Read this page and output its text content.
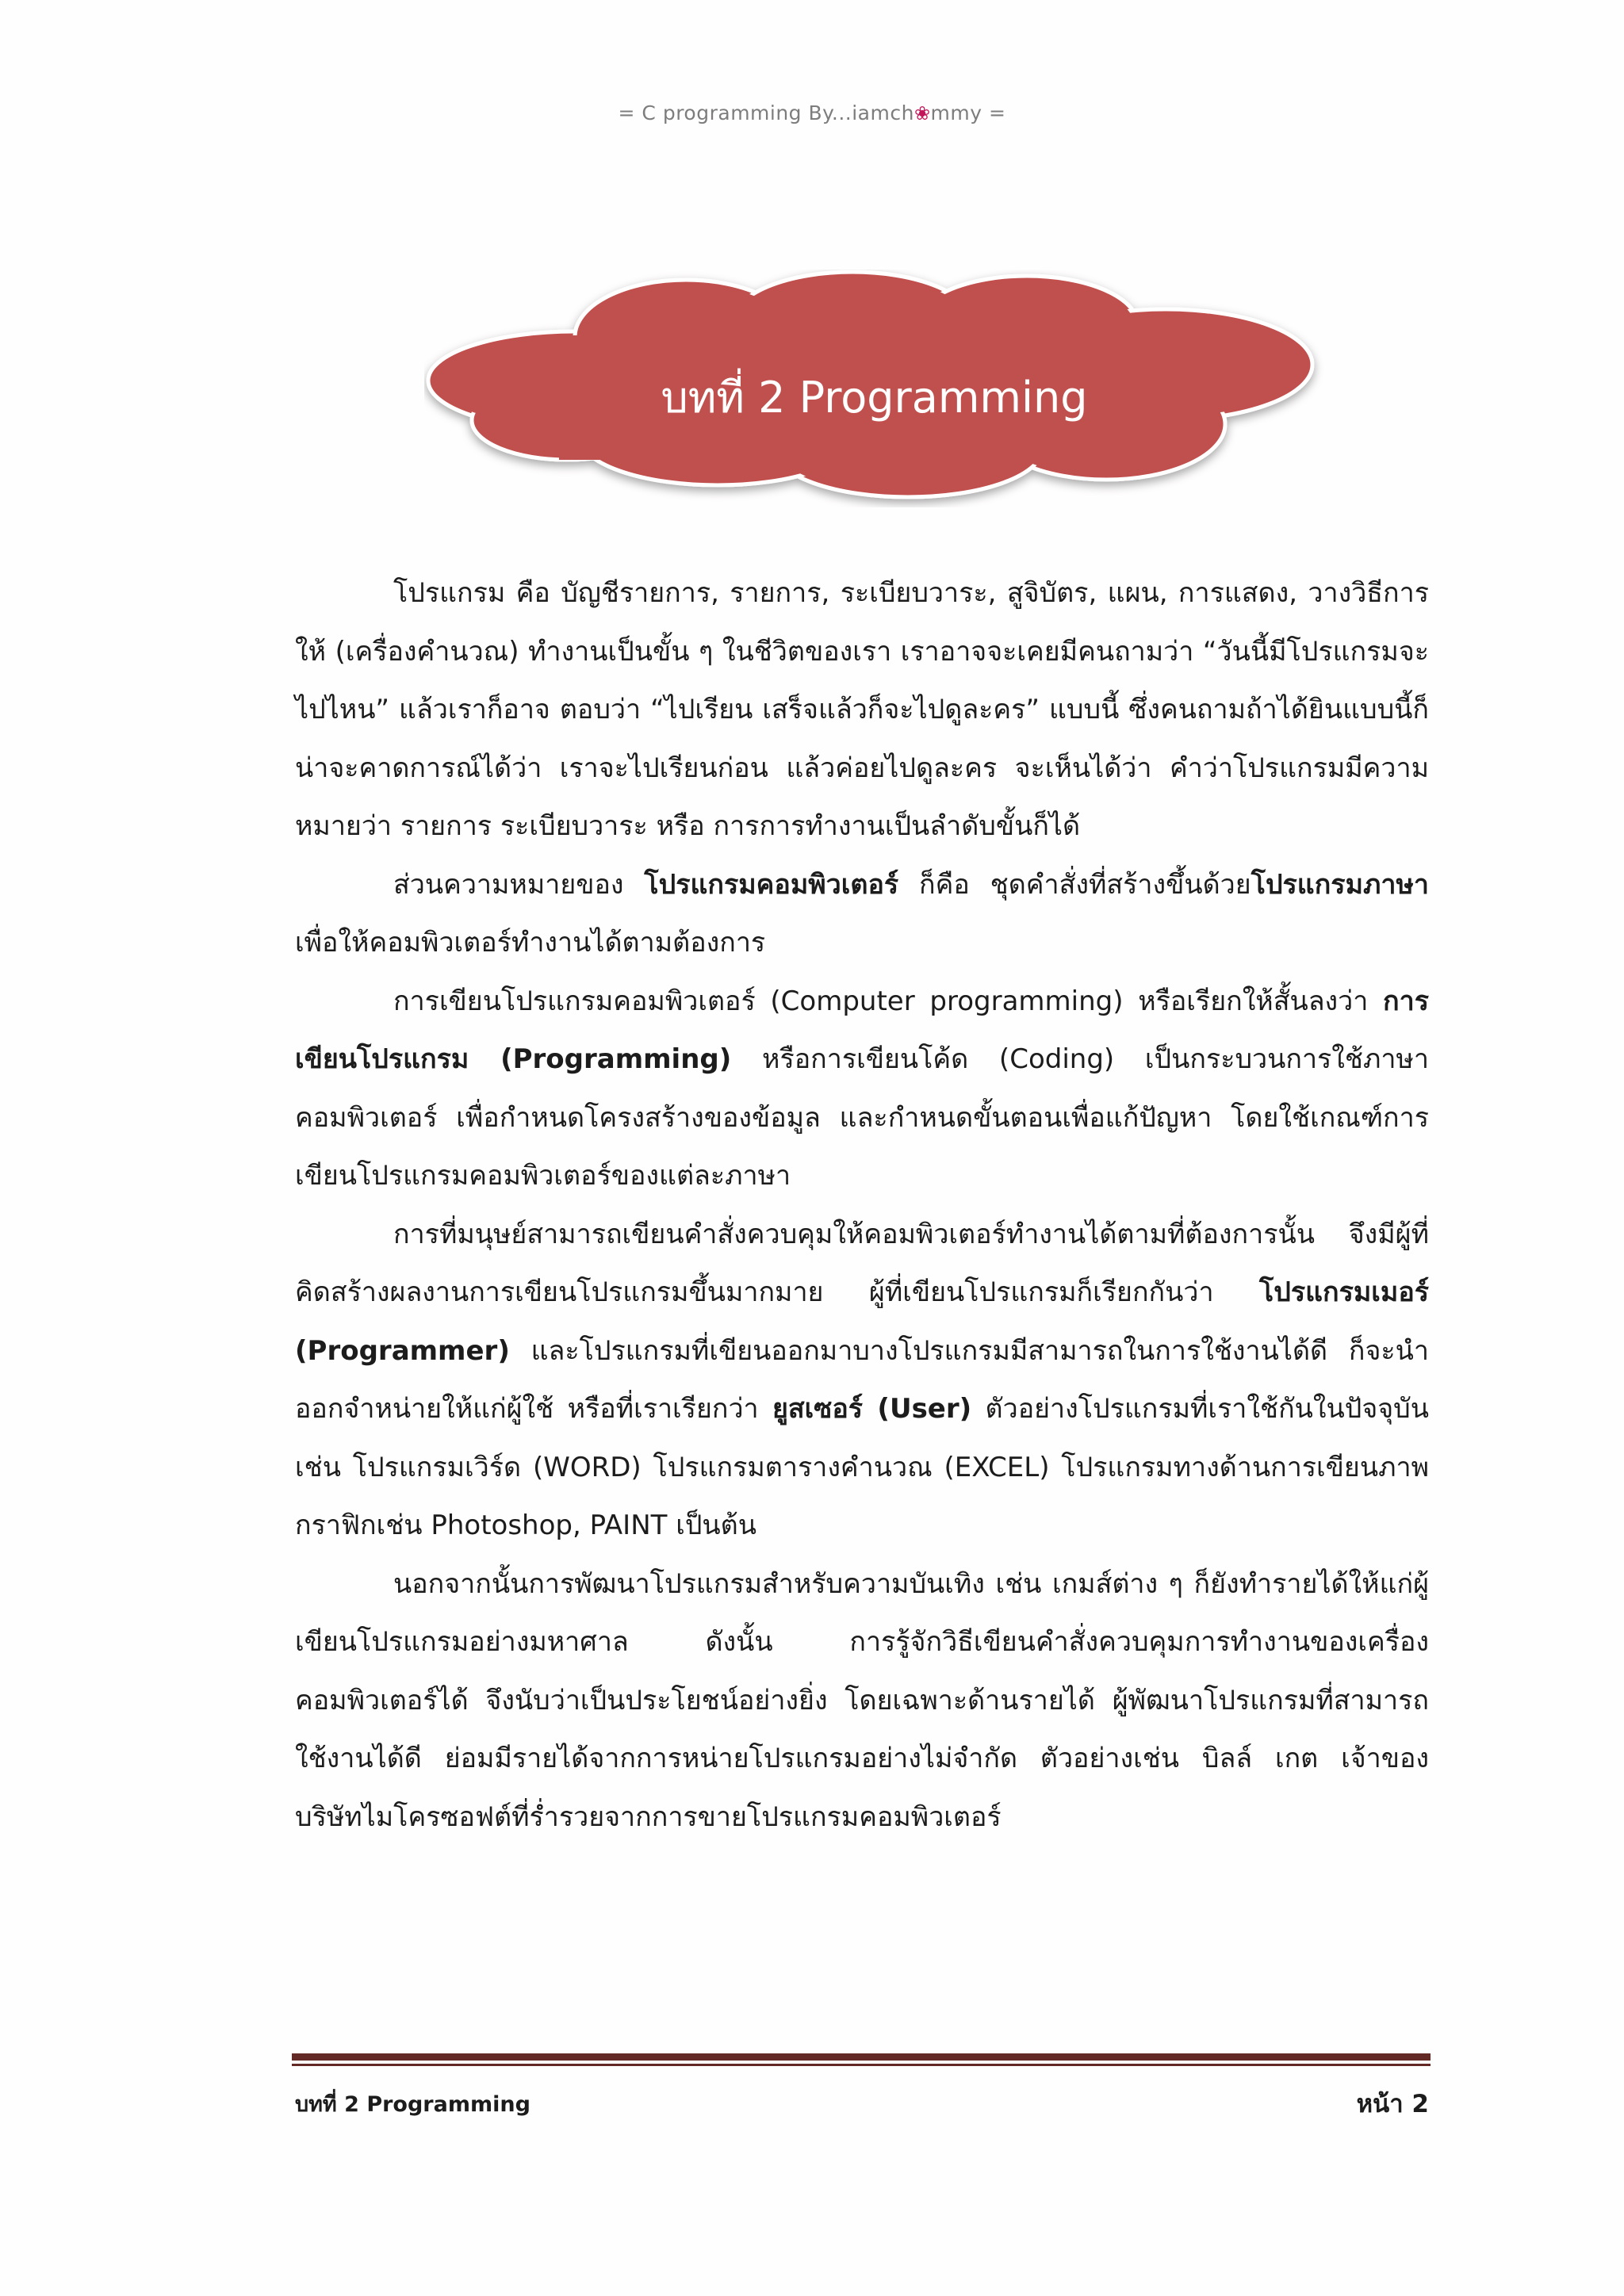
= C programming By...iamch❀mmy =
บทที่ 2 Programming

โปรแกรม คือ บัญชีรายการ, รายการ, ระเบียบวาระ, สูจิบัตร, แผน, การแสดง, วางวิธีการให้ (เครื่องคำนวณ) ทำงานเป็นขั้น ๆ ในชีวิตของเรา เราอาจจะเคยมีคนถามว่า “วันนี้มีโปรแกรมจะไปไหน” แล้วเราก็อาจ ตอบว่า “ไปเรียน เสร็จแล้วก็จะไปดูละคร” แบบนี้ ซึ่งคนถามถ้าได้ยินแบบนี้ก็น่าจะคาดการณ์ได้ว่า เราจะไปเรียนก่อน แล้วค่อยไปดูละคร จะเห็นได้ว่า คำว่าโปรแกรมมีความหมายว่า รายการ ระเบียบวาระ หรือ การการทำงานเป็นลำดับขั้นก็ได้

ส่วนความหมายของ โปรแกรมคอมพิวเตอร์ ก็คือ ชุดคำสั่งที่สร้างขึ้นด้วยโปรแกรมภาษาเพื่อให้คอมพิวเตอร์ทำงานได้ตามต้องการ

การเขียนโปรแกรมคอมพิวเตอร์ (Computer programming) หรือเรียกให้สั้นลงว่า การเขียนโปรแกรม (Programming) หรือการเขียนโค้ด (Coding) เป็นกระบวนการใช้ภาษาคอมพิวเตอร์ เพื่อกำหนดโครงสร้างของข้อมูล และกำหนดขั้นตอนเพื่อแก้ปัญหา โดยใช้เกณฑ์การเขียนโปรแกรมคอมพิวเตอร์ของแต่ละภาษา

การที่มนุษย์สามารถเขียนคำสั่งควบคุมให้คอมพิวเตอร์ทำงานได้ตามที่ต้องการนั้น จึงมีผู้ที่คิดสร้างผลงานการเขียนโปรแกรมขึ้นมากมาย ผู้ที่เขียนโปรแกรมก็เรียกกันว่า โปรแกรมเมอร์ (Programmer) และโปรแกรมที่เขียนออกมาบางโปรแกรมมีสามารถในการใช้งานได้ดี ก็จะนำออกจำหน่ายให้แก่ผู้ใช้ หรือที่เราเรียกว่า ยูสเซอร์ (User) ตัวอย่างโปรแกรมที่เราใช้กันในปัจจุบัน เช่น โปรแกรมเวิร์ด (WORD) โปรแกรมตารางคำนวณ (EXCEL) โปรแกรมทางด้านการเขียนภาพกราฟิกเช่น Photoshop, PAINT เป็นต้น

นอกจากนั้นการพัฒนาโปรแกรมสำหรับความบันเทิง เช่น เกมส์ต่าง ๆ ก็ยังทำรายได้ให้แก่ผู้เขียนโปรแกรมอย่างมหาศาล ดังนั้น การรู้จักวิธีเขียนคำสั่งควบคุมการทำงานของเครื่องคอมพิวเตอร์ได้ จึงนับว่าเป็นประโยชน์อย่างยิ่ง โดยเฉพาะด้านรายได้ ผู้พัฒนาโปรแกรมที่สามารถใช้งานได้ดี ย่อมมีรายได้จากการหน่ายโปรแกรมอย่างไม่จำกัด ตัวอย่างเช่น บิลล์ เกต เจ้าของ บริษัทไมโครซอฟต์ที่ร่ำรวยจากการขายโปรแกรมคอมพิวเตอร์

บทที่ 2 Programming	หน้า 2
